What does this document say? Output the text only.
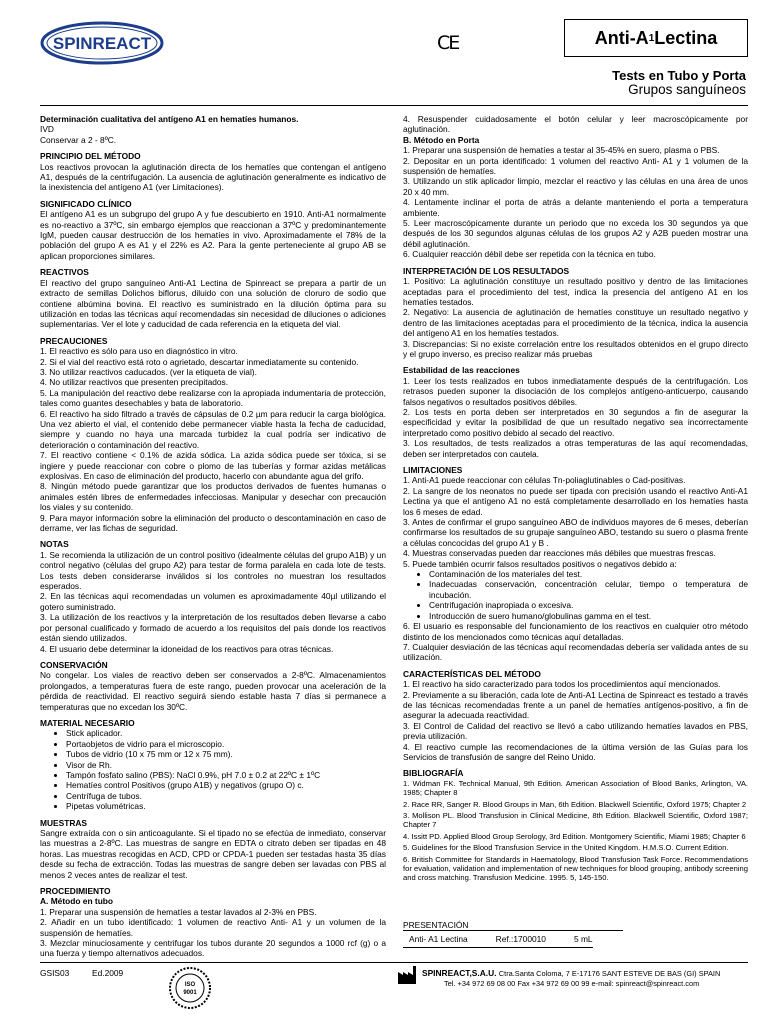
SPINREACT	CE	Anti-A 1 Lectina
Tests en Tubo y Porta
Grupos sanguíneos

Determinación cualitativa del antígeno A1 en hematíes humanos.

IVD

Conservar a 2 - 8ºC.

PRINCIPIO DEL MÉTODO

Los reactivos provocan la aglutinación directa de los hematíes que contengan el antígeno A1, después de la centrifugación. La ausencia de aglutinación generalmente es indicativo de la inexistencia del antígeno A1 (ver Limitaciones).

SIGNIFICADO CLÍNICO

El antígeno A1 es un subgrupo del grupo A y fue descubierto en 1910. Anti-A1 normalmente es no-reactivo a 37ºC, sin embargo ejemplos que reaccionan a 37ºC y predominantemente IgM, pueden causar destrucción de los hematíes in vivo. Aproximadamente el 78% de la población del grupo A es A1 y el 22% es A2. Para la gente perteneciente al grupo AB se aplican proporciones similares.

REACTIVOS

El reactivo del grupo sanguíneo Anti-A1 Lectina de Spinreact se prepara a partir de un extracto de semillas Dolichos biflorus, diluido con una solución de cloruro de sodio que contiene albúmina bovina. El reactivo es suministrado en la dilución óptima para su utilización en todas las técnicas aquí recomendadas sin necesidad de diluciones o adiciones suplementarias. Ver el lote y caducidad de cada referencia en la etiqueta del vial.

PRECAUCIONES

1. El reactivo es sólo para uso en diagnóstico in vitro.

2. Si el vial del reactivo está roto o agrietado, descartar inmediatamente su contenido.

3. No utilizar reactivos caducados. (ver la etiqueta de vial).

4. No utilizar reactivos que presenten precipitados.

5. La manipulación del reactivo debe realizarse con la apropiada indumentaria de protección, tales como guantes desechables y bata de laboratorio.

6. El reactivo ha sido filtrado a través de cápsulas de 0.2 µm para reducir la carga biológica. Una vez abierto el vial, el contenido debe permanecer viable hasta la fecha de caducidad, siempre y cuando no haya una marcada turbidez la cual podría ser indicativo de deterioración o contaminación del reactivo.

7. El reactivo contiene < 0.1% de azida sódica. La azida sódica puede ser tóxica, si se ingiere y puede reaccionar con cobre o plomo de las tuberías y formar azidas metálicas explosivas. En caso de eliminación del producto, hacerlo con abundante agua del grifo.

8. Ningún método puede garantizar que los productos derivados de fuentes humanas o animales estén libres de enfermedades infecciosas. Manipular y desechar con precaución los viales y su contenido.

9. Para mayor información sobre la eliminación del producto o descontaminación en caso de derrame, ver las fichas de seguridad.

NOTAS

1. Se recomienda la utilización de un control positivo (idealmente células del grupo A1B) y un control negativo (células del grupo A2) para testar de forma paralela en cada lote de tests. Los tests deben considerarse inválidos si los controles no muestran los resultados esperados.

2. En las técnicas aquí recomendadas un volumen es aproximadamente 40µl utilizando el gotero suministrado.

3. La utilización de los reactivos y la interpretación de los resultados deben llevarse a cabo por personal cualificado y formado de acuerdo a los requisitos del país donde los reactivos están siendo utilizados.

4. El usuario debe determinar la idoneidad de los reactivos para otras técnicas.

CONSERVACIÓN

No congelar. Los viales de reactivo deben ser conservados a 2-8ºC. Almacenamientos prolongados, a temperaturas fuera de este rango, pueden provocar una aceleración de la pérdida de reactividad. El reactivo seguirá siendo estable hasta 7 días si permanece a temperaturas que no excedan los 30ºC.

MATERIAL NECESARIO

• Stick aplicador.
• Portaobjetos de vidrio para el microscopio.
• Tubos de vidrio (10 x 75 mm or 12 x 75 mm).
• Visor de Rh.
• Tampón fosfato salino (PBS): NaCl 0.9%, pH 7.0 ± 0.2 at 22ºC ± 1ºC
• Hematíes control Positivos (grupo A1B) y negativos (grupo O) c.
• Centrífuga de tubos.
• Pipetas volumétricas.

MUESTRAS

Sangre extraída con o sin anticoagulante. Si el tipado no se efectúa de inmediato, conservar las muestras a 2-8ºC. Las muestras de sangre en EDTA o citrato deben ser tipadas en 48 horas. Las muestras recogidas en ACD, CPD or CPDA-1 pueden ser testadas hasta 35 días desde su fecha de extracción. Todas las muestras de sangre deben ser lavadas con PBS al menos 2 veces antes de realizar el test.

PROCEDIMIENTO

A. Método en tubo

1. Preparar una suspensión de hematíes a testar lavados al 2-3% en PBS.

2. Añadir en un tubo identificado: 1 volumen de reactivo Anti- A1 y un volumen de la suspensión de hematíes.

3. Mezclar minuciosamente y centrifugar los tubos durante 20 segundos a 1000 rcf (g) o a una fuerza y tiempo alternativos adecuados.

4. Resuspender cuidadosamente el botón celular y leer macroscópicamente por aglutinación.

B. Método en Porta

1. Preparar una suspensión de hematíes a testar al 35-45% en suero, plasma o PBS.

2. Depositar en un porta identificado: 1 volumen del reactivo Anti- A1 y 1 volumen de la suspensión de hematíes.

3. Utilizando un stik aplicador limpio, mezclar el reactivo y las células en una área de unos 20 x 40 mm.

4. Lentamente inclinar el porta de atrás a delante manteniendo el porta a temperatura ambiente.

5. Leer macroscópicamente durante un periodo que no exceda los 30 segundos ya que después de los 30 segundos algunas células de los grupos A2 y A2B pueden mostrar una débil aglutinación.

6. Cualquier reacción débil debe ser repetida con la técnica en tubo.

INTERPRETACIÓN DE LOS RESULTADOS

1. Positivo: La aglutinación constituye un resultado positivo y dentro de las limitaciones aceptadas para el procedimiento del test, indica la presencia del antígeno A1 en los hematíes testados.

2. Negativo: La ausencia de aglutinación de hematíes constituye un resultado negativo y dentro de las limitaciones aceptadas para el procedimiento de la técnica, indica la ausencia del antígeno A1 en los hematíes testados.

3. Discrepancias: Si no existe correlación entre los resultados obtenidos en el grupo directo y el grupo inverso, es preciso realizar más pruebas

Estabilidad de las reacciones

1. Leer los tests realizados en tubos inmediatamente después de la centrifugación. Los retrasos pueden suponer la disociación de los complejos antígeno-anticuerpo, causando falsos negativos o resultados positivos débiles.

2. Los tests en porta deben ser interpretados en 30 segundos a fin de asegurar la especificidad y evitar la posibilidad de que un resultado negativo sea incorrectamente interpretado como positivo debido al secado del reactivo.

3. Los resultados, de tests realizados a otras temperaturas de las aquí recomendadas, deben ser interpretados con cautela.

LIMITACIONES

1. Anti-A1 puede reaccionar con células Tn-poliaglutinables o Cad-positivas.

2. La sangre de los neonatos no puede ser tipada con precisión usando el reactivo Anti-A1 Lectina ya que el antígeno A1 no está completamente desarrollado en los hematíes hasta los 6 meses de edad.

3. Antes de confirmar el grupo sanguíneo ABO de individuos mayores de 6 meses, deberían confirmarse los resultados de su grupaje sanguíneo ABO, testando su suero o plasma frente a células concocidas del grupo A1 y B .

4. Muestras conservadas pueden dar reacciones más débiles que muestras frescas.

5. Puede también ocurrir falsos resultados positivos o negativos debido a:

• Contaminación de los materiales del test.
• Inadecuadas conservación, concentración celular, tiempo o temperatura de incubación.
• Centrifugación inapropiada o excesiva.
• Introducción de suero humano/globulinas gamma en el test.

6. El usuario es responsable del funcionamiento de los reactivos en cualquier otro método distinto de los mencionados como técnicas aquí detalladas.

7. Cualquier desviación de las técnicas aquí recomendadas debería ser validada antes de su utilización.

CARACTERÍSTICAS DEL MÉTODO

1. El reactivo ha sido caracterizado para todos los procedimientos aquí mencionados.

2. Previamente a su liberación, cada lote de Anti-A1 Lectina de Spinreact es testado a través de las técnicas recomendadas frente a un panel de hematíes antígenos-positivo, a fin de asegurar la adecuada reactividad.

3. El Control de Calidad del reactivo se llevó a cabo utilizando hematíes lavados en PBS, previa utilización.

4. El reactivo cumple las recomendaciones de la última versión de las Guías para los Servicios de transfusión de sangre del Reino Unido.

BIBLIOGRAFÍA

1. Widman FK. Technical Manual, 9th Edition. American Association of Blood Banks, Arlington, VA. 1985; Chapter 8

2. Race RR, Sanger R. Blood Groups in Man, 6th Edition. Blackwell Scientific, Oxford 1975; Chapter 2

3. Mollison PL. Blood Transfusion in Clinical Medicine, 8th Edition. Blackwell Scientific, Oxford 1987; Chapter 7

4. Issitt PD. Applied Blood Group Serology, 3rd Edition. Montgomery Scientific, Miami 1985; Chapter 6

5. Guidelines for the Blood Transfusion Service in the United Kingdom. H.M.S.O. Current Edition.

6. British Committee for Standards in Haematology, Blood Transfusion Task Force. Recommendations for evaluation, validation and implementation of new techniques for blood grouping, antibody screening and cross matching. Transfusion Medicine. 1995. 5, 145-150.

PRESENTACIÓN
Anti- A1 Lectina	Ref.:1700010	5 mL
GSIS03	Ed.2009
ISO
9001
SPINREACT,S.A.U. Ctra.Santa Coloma, 7 E-17176 SANT ESTEVE DE BAS (GI) SPAIN
Tel. +34 972 69 08 00 Fax +34 972 69 00 99 e-mail: spinreact@spinreact.com
